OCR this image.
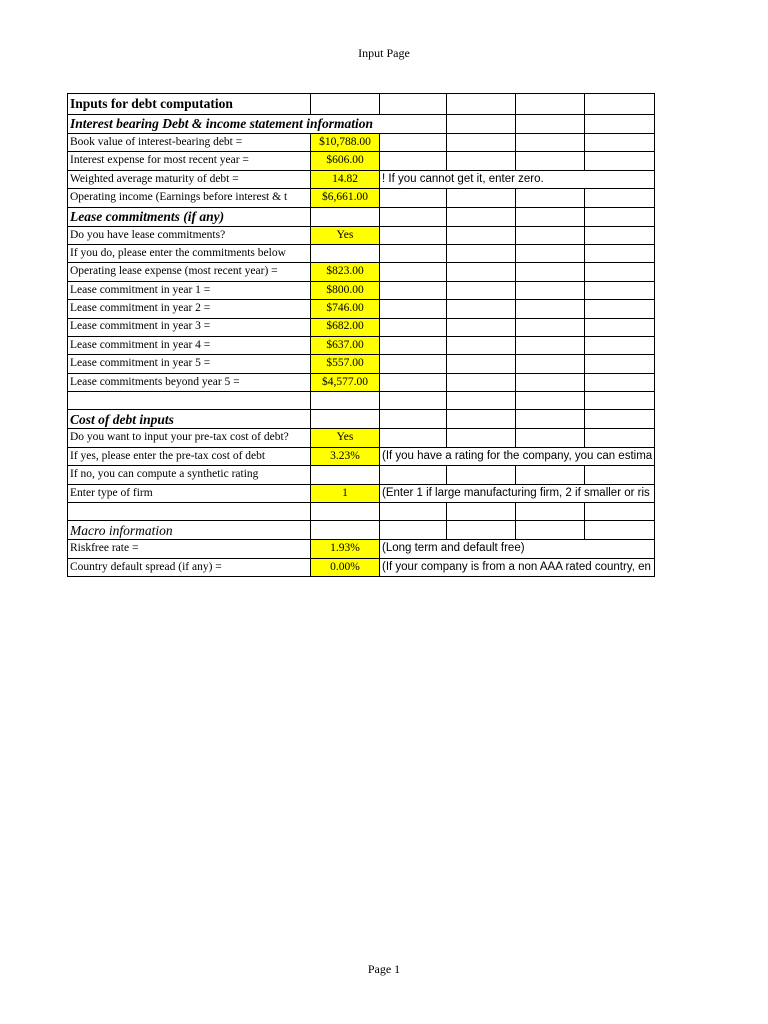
Input Page
Inputs for debt computation					
Interest bearing Debt & income statement information					
Book value of interest-bearing debt =	$10,788.00				
Interest expense for most recent year =	$606.00				
Weighted average maturity of debt =	14.82	! If you cannot get it, enter zero.			
Operating income (Earnings before interest & t	$6,661.00				
Lease commitments (if any)					
Do you have lease commitments?	Yes				
If you do, please enter the commitments below					
Operating lease expense (most recent year) =	$823.00				
Lease commitment in year 1 =	$800.00				
Lease commitment in year 2 =	$746.00				
Lease commitment in year 3 =	$682.00				
Lease commitment in year 4 =	$637.00				
Lease commitment in year 5 =	$557.00				
Lease commitments beyond year 5 =	$4,577.00				

Cost of debt inputs					
Do you want to input your pre-tax cost of debt?	Yes				
If yes, please enter the pre-tax cost of debt	3.23%	(If you have a rating for the company, you can estima			
If no, you can compute a synthetic rating					
Enter type of firm	1	(Enter 1 if large manufacturing firm, 2 if smaller or ris			

Macro information					
Riskfree rate =	1.93%	(Long term and default free)			
Country default spread (if any) =	0.00%	(If your company is from a non AAA rated country, en			
Page 1
